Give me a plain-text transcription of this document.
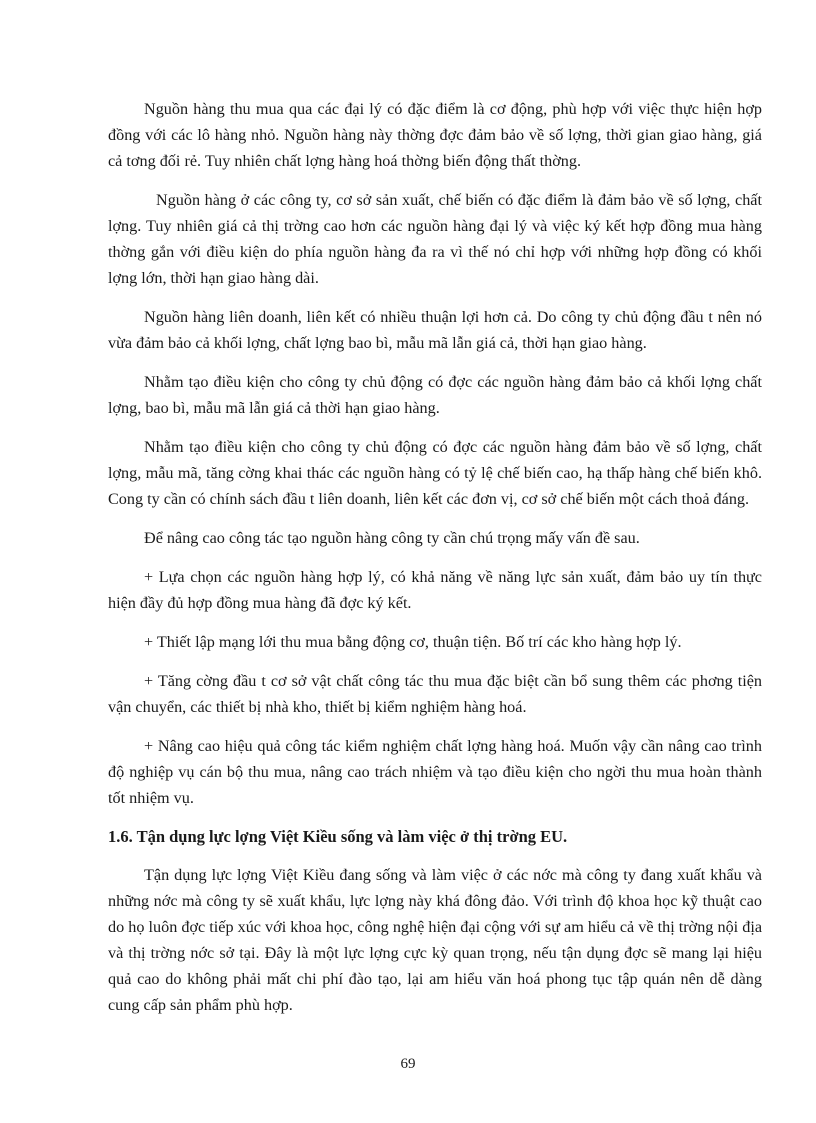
Nguồn hàng thu mua qua các đại lý có đặc điểm là cơ động, phù hợp với việc thực hiện hợp đồng với các lô hàng nhỏ. Nguồn hàng này thờng đợc đảm bảo về số lợng, thời gian giao hàng, giá cả tơng đối rẻ. Tuy nhiên chất lợng hàng hoá thờng biến động thất thờng.

Nguồn hàng ở các công ty, cơ sở sản xuất, chế biến có đặc điểm là đảm bảo về số lợng, chất lợng. Tuy nhiên giá cả thị trờng cao hơn các nguồn hàng đại lý và việc ký kết hợp đồng mua hàng thờng gắn với điều kiện do phía nguồn hàng đa ra vì thế nó chỉ hợp với những hợp đồng có khối lợng lớn, thời hạn giao hàng dài.

Nguồn hàng liên doanh, liên kết có nhiều thuận lợi hơn cả. Do công ty chủ động đầu t nên nó vừa đảm bảo cả khối lợng, chất lợng bao bì, mẫu mã lẫn giá cả, thời hạn giao hàng.

Nhằm tạo điều kiện cho công ty chủ động có đợc các nguồn hàng đảm bảo cả khối lợng chất lợng, bao bì, mẫu mã lẫn giá cả thời hạn giao hàng.

Nhằm tạo điều kiện cho công ty chủ động có đợc các nguồn hàng đảm bảo về số lợng, chất lợng, mẫu mã, tăng cờng khai thác các nguồn hàng có tỷ lệ chế biến cao, hạ thấp hàng chế biến khô. Cong ty cần có chính sách đầu t liên doanh, liên kết các đơn vị, cơ sở chế biến một cách thoả đáng.

Để nâng cao công tác tạo nguồn hàng công ty cần chú trọng mấy vấn đề sau.

+ Lựa chọn các nguồn hàng hợp lý, có khả năng về năng lực sản xuất, đảm bảo uy tín thực hiện đầy đủ hợp đồng mua hàng đã đợc ký kết.

+ Thiết lập mạng lới thu mua bằng động cơ, thuận tiện. Bố trí các kho hàng hợp lý.

+ Tăng cờng đầu t cơ sở vật chất công tác thu mua đặc biệt cần bổ sung thêm các phơng tiện vận chuyển, các thiết bị nhà kho, thiết bị kiểm nghiệm hàng hoá.

+ Nâng cao hiệu quả công tác kiểm nghiệm chất lợng hàng hoá. Muốn vậy cần nâng cao trình độ nghiệp vụ cán bộ thu mua, nâng cao trách nhiệm và tạo điều kiện cho ngời thu mua hoàn thành tốt nhiệm vụ.

1.6. Tận dụng lực lợng Việt Kiều sống và làm việc ở thị trờng EU.

Tận dụng lực lợng Việt Kiều đang sống và làm việc ở các nớc mà công ty đang xuất khẩu và những nớc mà công ty sẽ xuất khẩu, lực lợng này khá đông đảo. Với trình độ khoa học kỹ thuật cao do họ luôn đợc tiếp xúc với khoa học, công nghệ hiện đại cộng với sự am hiểu cả về thị trờng nội địa và thị trờng nớc sở tại. Đây là một lực lợng cực kỳ quan trọng, nếu tận dụng đợc sẽ mang lại hiệu quả cao do không phải mất chi phí đào tạo, lại am hiểu văn hoá phong tục tập quán nên dễ dàng cung cấp sản phẩm phù hợp.

69
